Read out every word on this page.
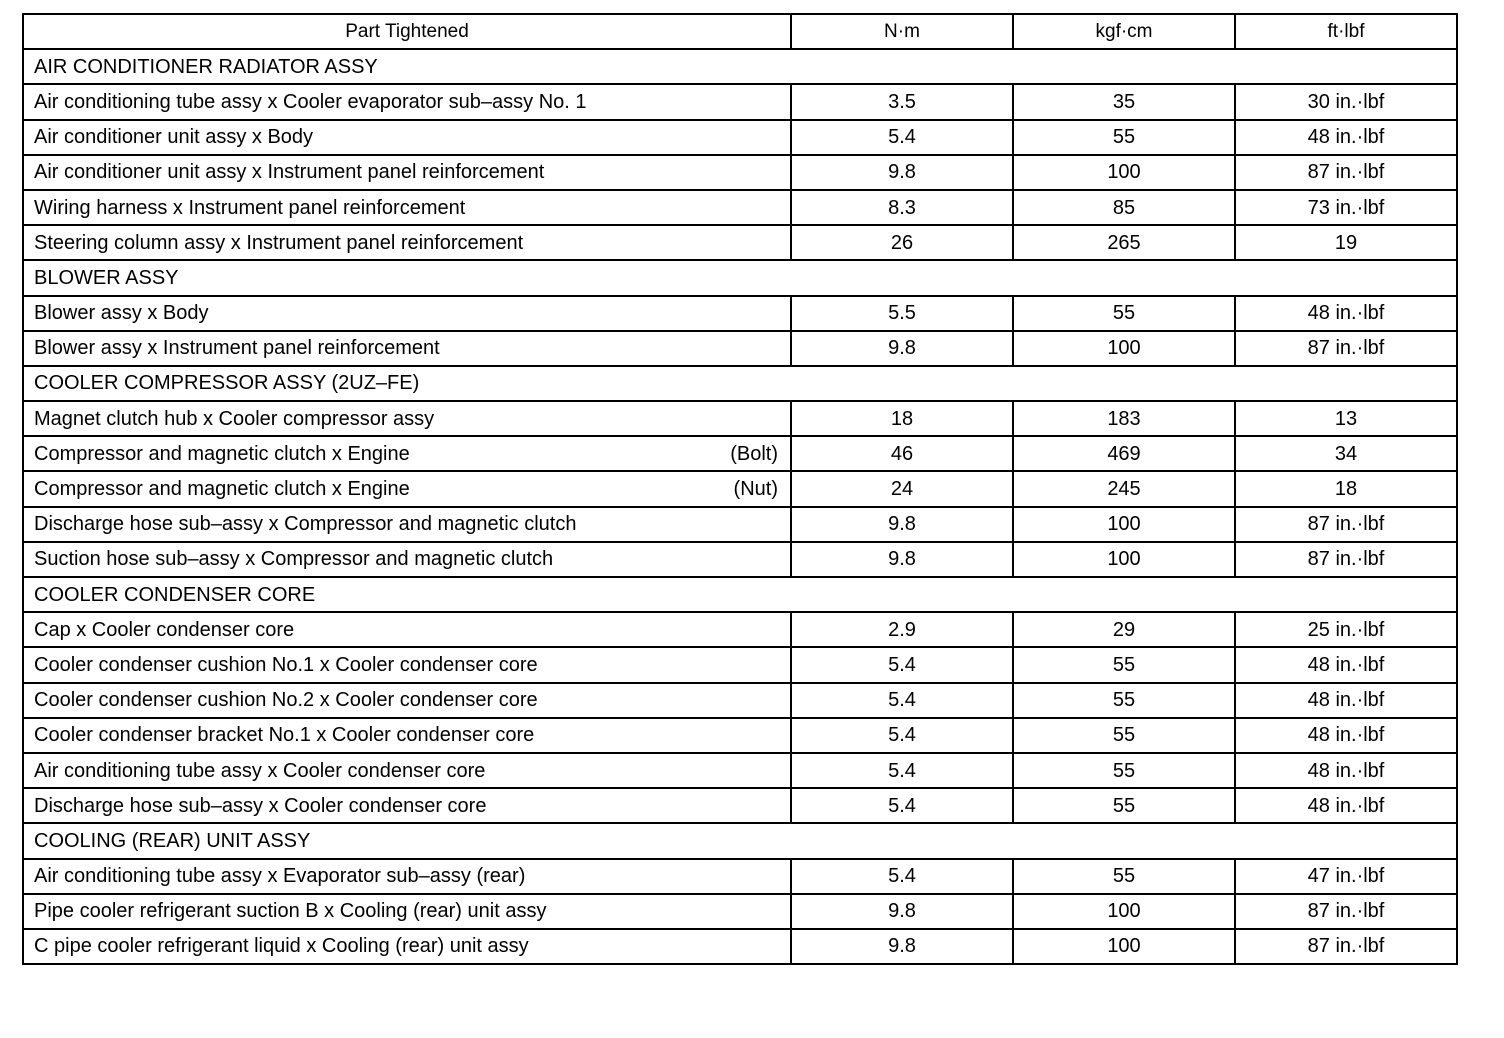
Part Tightened	N·m	kgf·cm	ft·lbf
AIR CONDITIONER RADIATOR ASSY			

Air conditioning tube assy x Cooler evaporator sub–assy No. 1	3.5	35	30 in.·lbf

Air conditioner unit assy x Body	5.4	55	48 in.·lbf

Air conditioner unit assy x Instrument panel reinforcement	9.8	100	87 in.·lbf

Wiring harness x Instrument panel reinforcement	8.3	85	73 in.·lbf

Steering column assy x Instrument panel reinforcement	26	265	19
BLOWER ASSY			

Blower assy x Body	5.5	55	48 in.·lbf

Blower assy x Instrument panel reinforcement	9.8	100	87 in.·lbf
COOLER COMPRESSOR ASSY (2UZ–FE)			

Magnet clutch hub x Cooler compressor assy	18	183	13

Compressor and magnetic clutch x Engine (Bolt)	46	469	34

Compressor and magnetic clutch x Engine (Nut)	24	245	18

Discharge hose sub–assy x Compressor and magnetic clutch	9.8	100	87 in.·lbf

Suction hose sub–assy x Compressor and magnetic clutch	9.8	100	87 in.·lbf
COOLER CONDENSER CORE			

Cap x Cooler condenser core	2.9	29	25 in.·lbf

Cooler condenser cushion No.1 x Cooler condenser core	5.4	55	48 in.·lbf

Cooler condenser cushion No.2 x Cooler condenser core	5.4	55	48 in.·lbf

Cooler condenser bracket No.1 x Cooler condenser core	5.4	55	48 in.·lbf

Air conditioning tube assy x Cooler condenser core	5.4	55	48 in.·lbf

Discharge hose sub–assy x Cooler condenser core	5.4	55	48 in.·lbf
COOLING (REAR) UNIT ASSY			

Air conditioning tube assy x Evaporator sub–assy (rear)	5.4	55	47 in.·lbf

Pipe cooler refrigerant suction B x Cooling (rear) unit assy	9.8	100	87 in.·lbf

C pipe cooler refrigerant liquid x Cooling (rear) unit assy	9.8	100	87 in.·lbf
